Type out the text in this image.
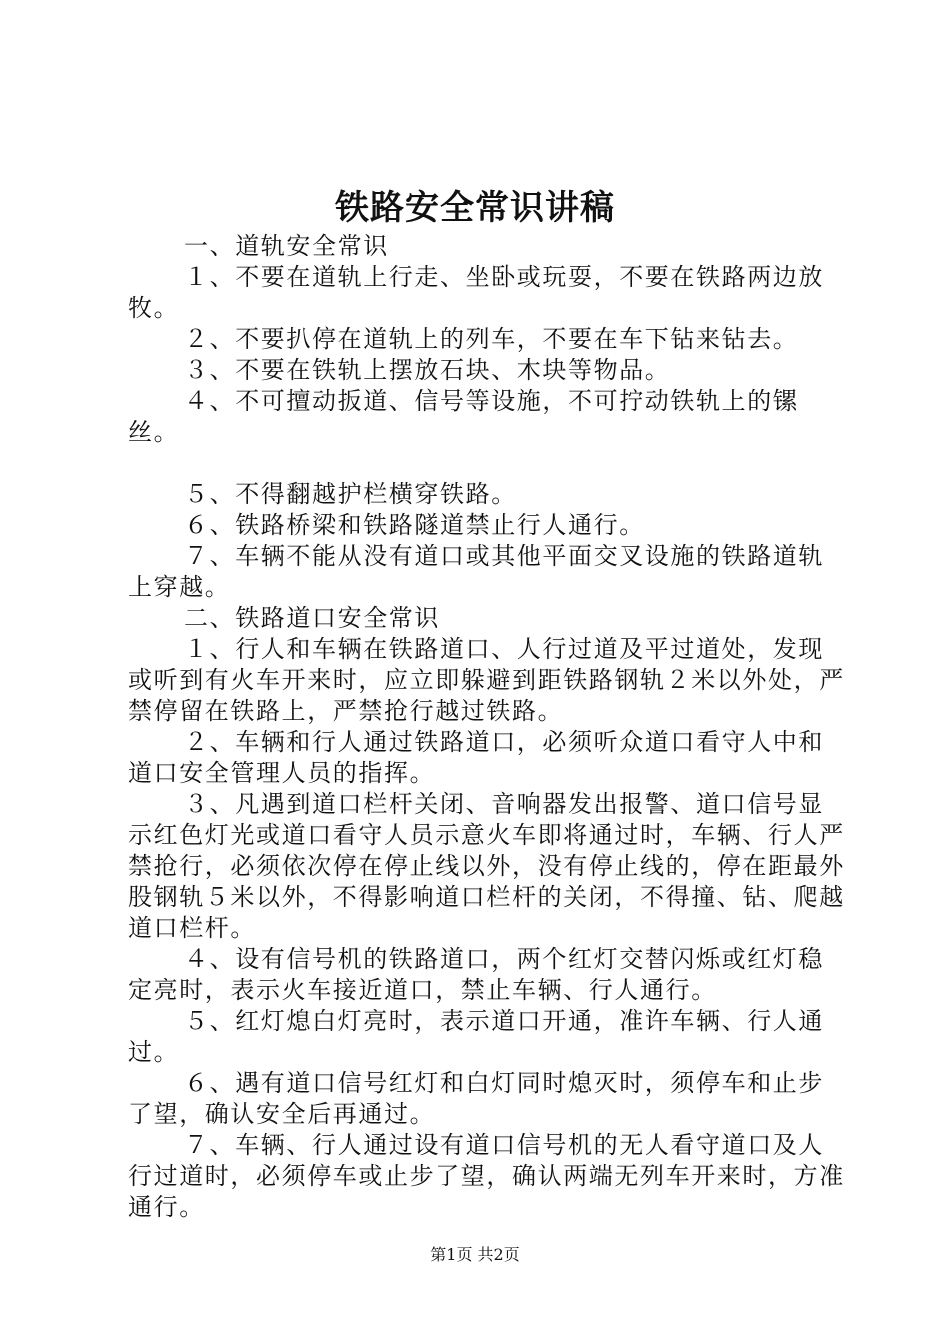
铁路安全常识讲稿

一、道轨安全常识

１、不要在道轨上行走、坐卧或玩耍，不要在铁路两边放牧。

２、不要扒停在道轨上的列车，不要在车下钻来钻去。

３、不要在铁轨上摆放石块、木块等物品。

４、不可擅动扳道、信号等设施，不可拧动铁轨上的镙丝。

５、不得翻越护栏横穿铁路。

６、铁路桥梁和铁路隧道禁止行人通行。

７、车辆不能从没有道口或其他平面交叉设施的铁路道轨上穿越。

二、铁路道口安全常识

１、行人和车辆在铁路道口、人行过道及平过道处，发现或听到有火车开来时，应立即躲避到距铁路钢轨２米以外处，严禁停留在铁路上，严禁抢行越过铁路。

２、车辆和行人通过铁路道口，必须听众道口看守人中和道口安全管理人员的指挥。

３、凡遇到道口栏杆关闭、音响器发出报警、道口信号显示红色灯光或道口看守人员示意火车即将通过时，车辆、行人严禁抢行，必须依次停在停止线以外，没有停止线的，停在距最外股钢轨５米以外，不得影响道口栏杆的关闭，不得撞、钻、爬越道口栏杆。

４、设有信号机的铁路道口，两个红灯交替闪烁或红灯稳定亮时，表示火车接近道口，禁止车辆、行人通行。

５、红灯熄白灯亮时，表示道口开通，准许车辆、行人通过。

６、遇有道口信号红灯和白灯同时熄灭时，须停车和止步了望，确认安全后再通过。

７、车辆、行人通过设有道口信号机的无人看守道口及人行过道时，必须停车或止步了望，确认两端无列车开来时，方准通行。

第1页 共2页
